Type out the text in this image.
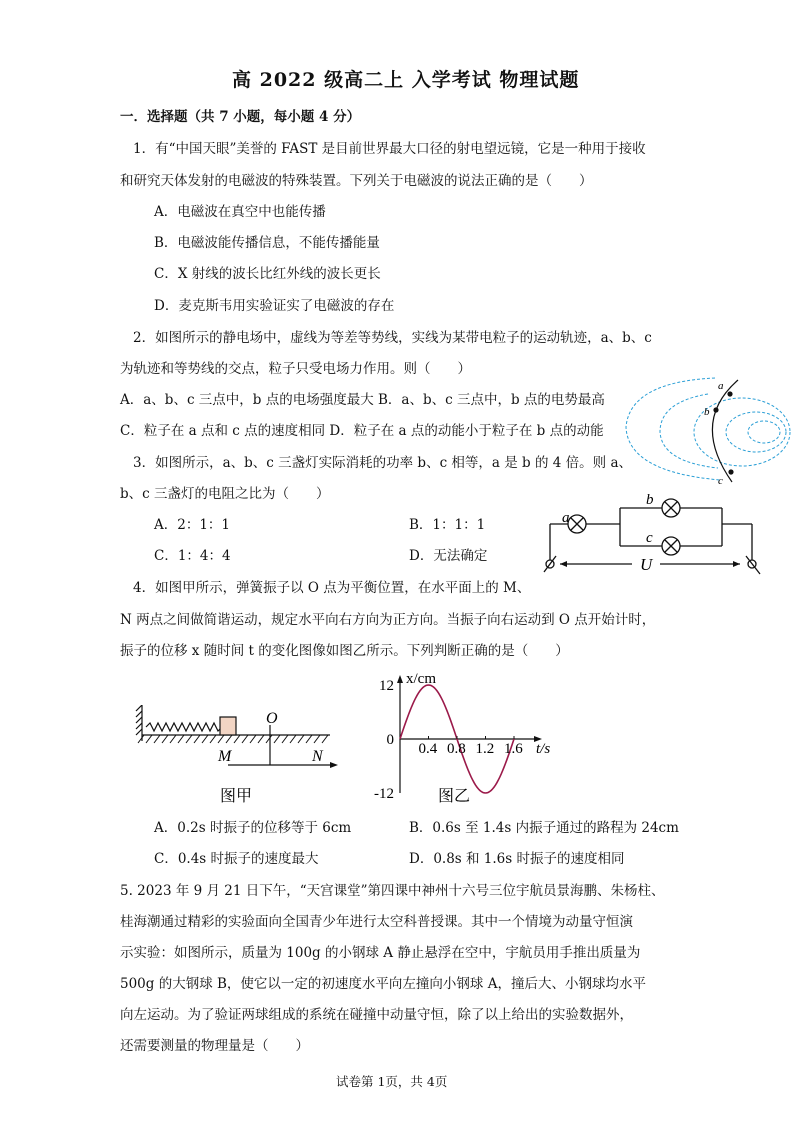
高 2022 级高二上 入学考试 物理试题
一．选择题（共 7 小题，每小题 4 分）
1．有“中国天眼”美誉的 FAST 是目前世界最大口径的射电望远镜，它是一种用于接收
和研究天体发射的电磁波的特殊装置。下列关于电磁波的说法正确的是（　　）
A．电磁波在真空中也能传播
B．电磁波能传播信息，不能传播能量
C．X 射线的波长比红外线的波长更长
D．麦克斯韦用实验证实了电磁波的存在
2．如图所示的静电场中，虚线为等差等势线，实线为某带电粒子的运动轨迹，a、b、c
为轨迹和等势线的交点，粒子只受电场力作用。则（　　）
A．a、b、c 三点中，b 点的电场强度最大 B．a、b、c 三点中，b 点的电势最高
C．粒子在 a 点和 c 点的速度相同 D．粒子在 a 点的动能小于粒子在 b 点的动能
a
b
c
3．如图所示，a、b、c 三盏灯实际消耗的功率 b、c 相等，a 是 b 的 4 倍。则 a、
b、c 三盏灯的电阻之比为（　　）
A．2：1：1	B．1：1：1
C．1：4：4	D．无法确定
a
b
c
U
4．如图甲所示，弹簧振子以 O 点为平衡位置，在水平面上的 M、
N 两点之间做简谐运动，规定水平向右方向为正方向。当振子向右运动到 O 点开始计时，
振子的位移 x 随时间 t 的变化图像如图乙所示。下列判断正确的是（　　）
O
M	N
图甲
0.4 0.8 1.2 1.6
12
0
-12
x/cm
t/s
图乙
A．0.2s 时振子的位移等于 6cm	B．0.6s 至 1.4s 内振子通过的路程为 24cm
C．0.4s 时振子的速度最大	D．0.8s 和 1.6s 时振子的速度相同
5. 2023 年 9 月 21 日下午，“天宫课堂”第四课中神州十六号三位宇航员景海鹏、朱杨柱、
桂海潮通过精彩的实验面向全国青少年进行太空科普授课。其中一个情境为动量守恒演
示实验：如图所示，质量为 100g 的小钢球 A 静止悬浮在空中，宇航员用手推出质量为
500g 的大钢球 B，使它以一定的初速度水平向左撞向小钢球 A，撞后大、小钢球均水平
向左运动。为了验证两球组成的系统在碰撞中动量守恒，除了以上给出的实验数据外，
还需要测量的物理量是（　　）
试卷第 1页，共 4页
